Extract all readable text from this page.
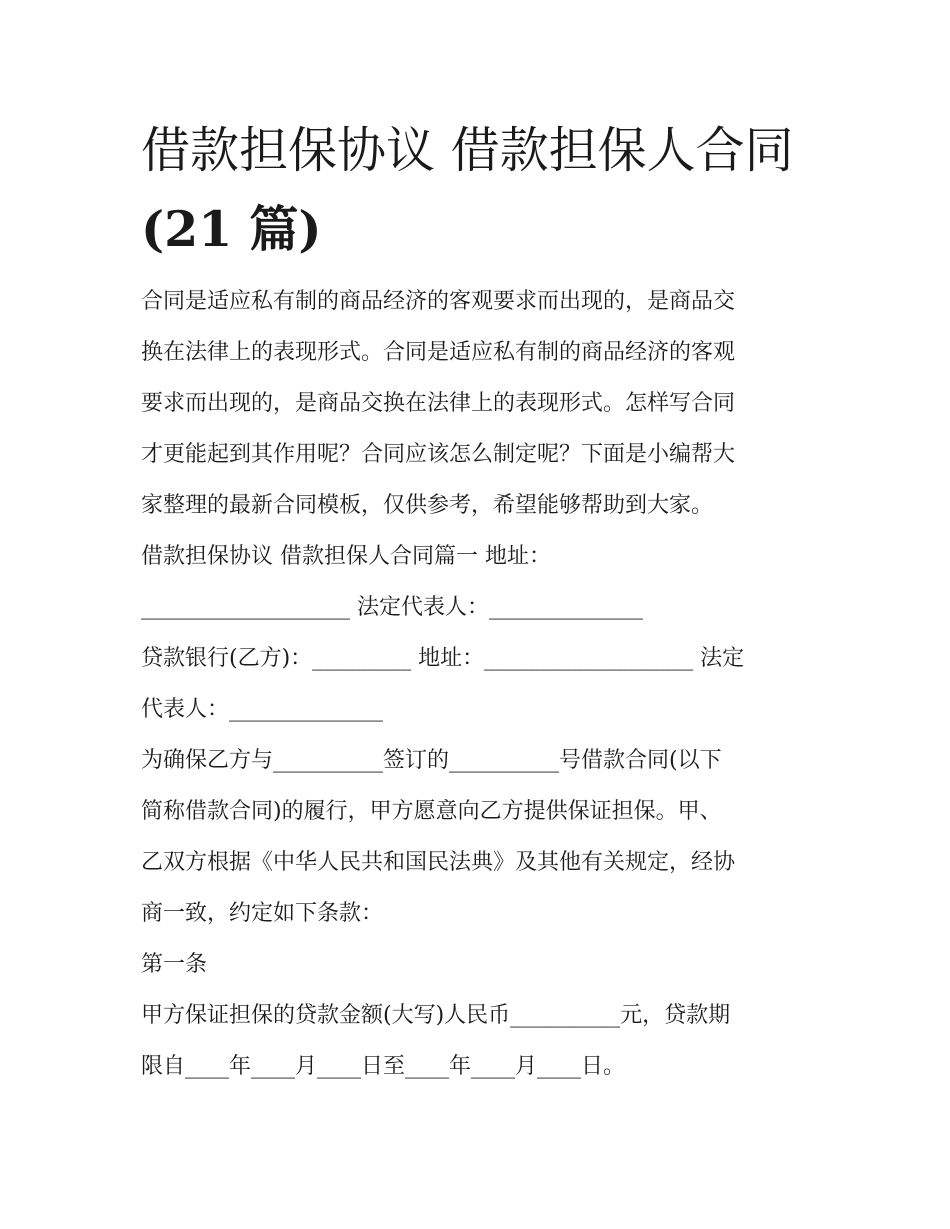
借款担保协议 借款担保人合同
(21 篇)
合同是适应私有制的商品经济的客观要求而出现的，是商品交
换在法律上的表现形式。合同是适应私有制的商品经济的客观
要求而出现的，是商品交换在法律上的表现形式。怎样写合同
才更能起到其作用呢？合同应该怎么制定呢？下面是小编帮大
家整理的最新合同模板，仅供参考，希望能够帮助到大家。
借款担保协议 借款担保人合同篇一 地址：
___________________ 法定代表人：______________
贷款银行(乙方)：_________ 地址：___________________ 法定
代表人：______________
为确保乙方与__________签订的__________号借款合同(以下
简称借款合同)的履行，甲方愿意向乙方提供保证担保。甲、
乙双方根据《中华人民共和国民法典》及其他有关规定，经协
商一致，约定如下条款：
第一条
甲方保证担保的贷款金额(大写)人民币__________元，贷款期
限自____年____月____日至____年____月____日。
